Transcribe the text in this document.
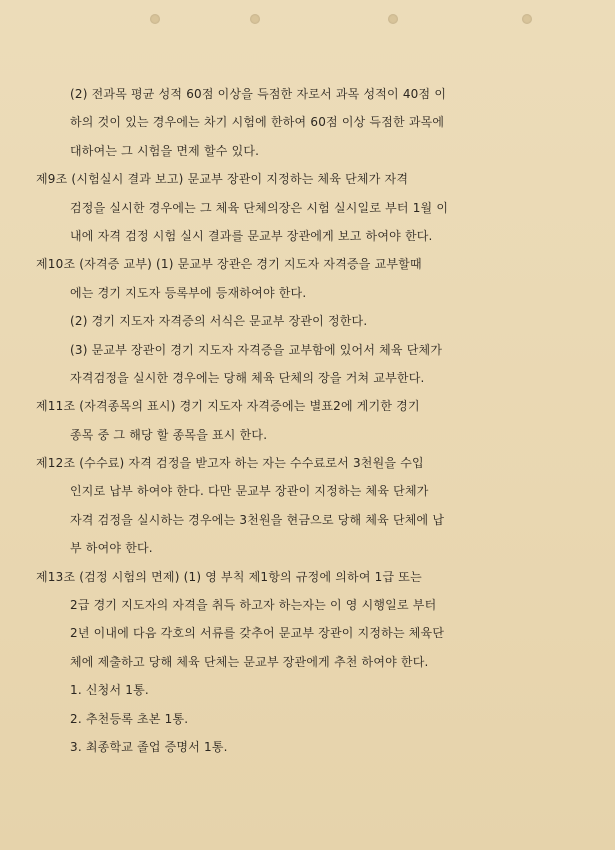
(2) 전과목 평균 성적 60점 이상을 득점한 자로서 과목 성적이 40점 이
하의 것이 있는 경우에는 차기 시험에 한하여 60점 이상 득점한 과목에
대하여는 그 시험을 면제 할수 있다.
제9조 (시험실시 결과 보고) 문교부 장관이 지정하는 체육 단체가 자격
검정을 실시한 경우에는 그 체육 단체의장은 시험 실시일로 부터 1월 이
내에 자격 검정 시험 실시 결과를 문교부 장관에게 보고 하여야 한다.
제10조 (자격증 교부) (1) 문교부 장관은 경기 지도자 자격증을 교부할때
에는 경기 지도자 등록부에 등재하여야 한다.
(2) 경기 지도자 자격증의 서식은 문교부 장관이 정한다.
(3) 문교부 장관이 경기 지도자 자격증을 교부함에 있어서 체육 단체가
자격검정을 실시한 경우에는 당해 체육 단체의 장을 거쳐 교부한다.
제11조 (자격종목의 표시) 경기 지도자 자격증에는 별표2에 게기한 경기
종목 중 그 해당 할 종목을 표시 한다.
제12조 (수수료) 자격 검정을 받고자 하는 자는 수수료로서 3천원을 수입
인지로 납부 하여야 한다. 다만 문교부 장관이 지정하는 체육 단체가
자격 검정을 실시하는 경우에는 3천원을 현금으로 당해 체육 단체에 납
부 하여야 한다.
제13조 (검정 시험의 면제) (1) 영 부칙 제1항의 규정에 의하여 1급 또는
2급 경기 지도자의 자격을 취득 하고자 하는자는 이 영 시행일로 부터
2년 이내에 다음 각호의 서류를 갖추어 문교부 장관이 지정하는 체육단
체에 제출하고 당해 체육 단체는 문교부 장관에게 추천 하여야 한다.
1. 신청서 1통.
2. 추천등록 초본 1통.
3. 최종학교 졸업 증명서 1통.
